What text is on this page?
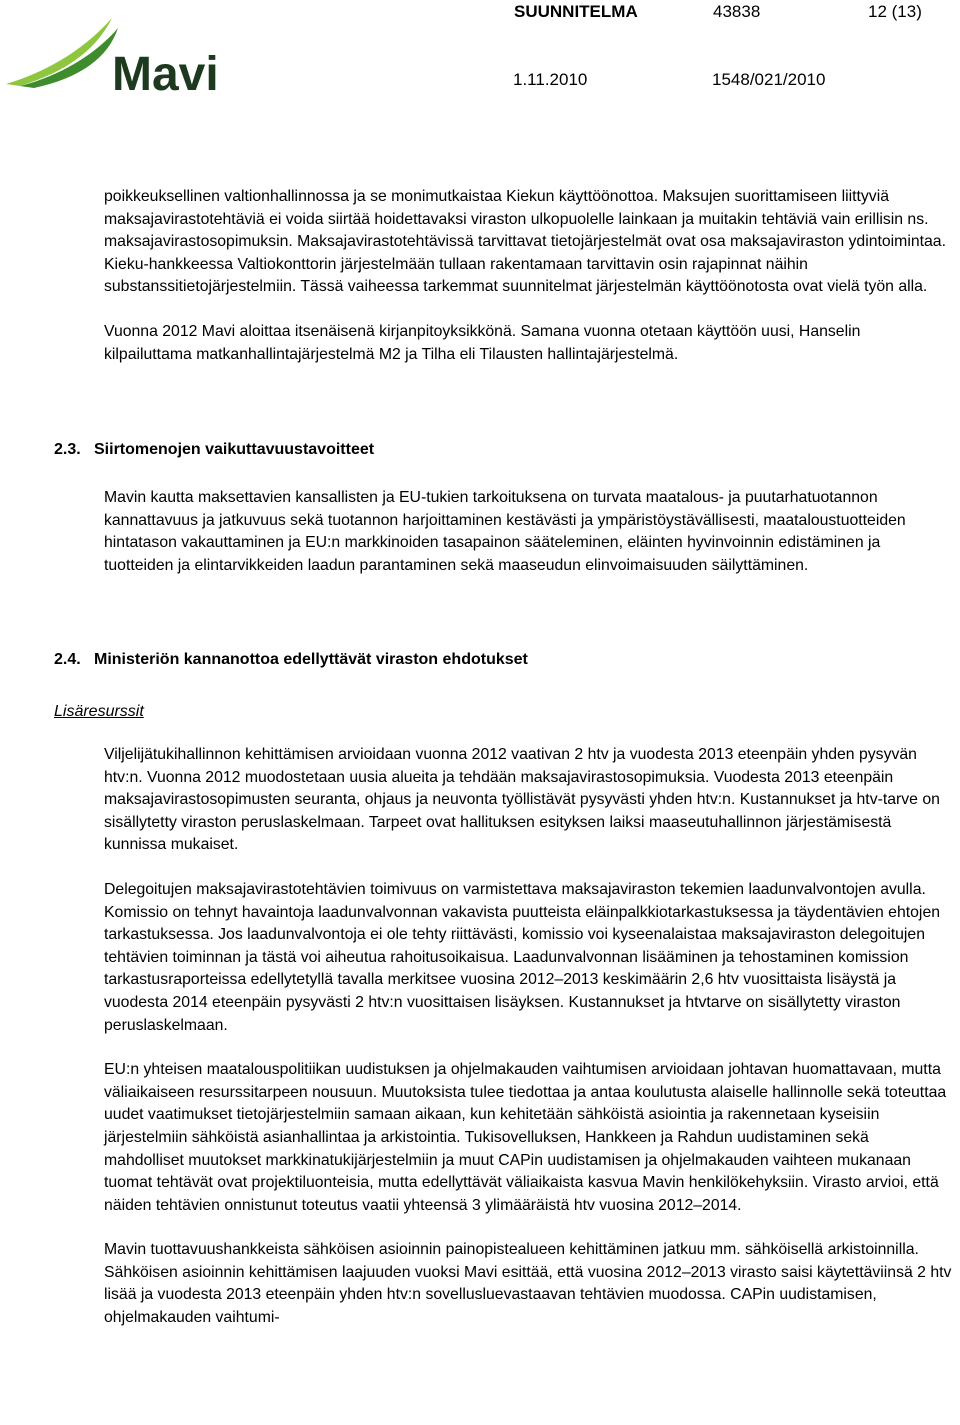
Mavi
SUUNNITELMA	43838	12 (13)
1.11.2010	1548/021/2010

poikkeuksellinen valtionhallinnossa ja se monimutkaistaa Kiekun käyttöönottoa. Maksujen suorittamiseen liittyviä maksajavirastotehtäviä ei voida siirtää hoidettavaksi viraston ulkopuolelle lainkaan ja muitakin tehtäviä vain erillisin ns. maksajavirastosopimuksin. Maksajavirastotehtävissä tarvittavat tietojärjestelmät ovat osa maksajaviraston ydintoimintaa. Kieku-hankkeessa Valtiokonttorin järjestelmään tullaan rakentamaan tarvittavin osin rajapinnat näihin substanssitietojärjestelmiin. Tässä vaiheessa tarkemmat suunnitelmat järjestelmän käyttöönotosta ovat vielä työn alla.

Vuonna 2012 Mavi aloittaa itsenäisenä kirjanpitoyksikkönä. Samana vuonna otetaan käyttöön uusi, Hanselin kilpailuttama matkanhallintajärjestelmä M2 ja Tilha eli Tilausten hallintajärjestelmä.

2.3. Siirtomenojen vaikuttavuustavoitteet

Mavin kautta maksettavien kansallisten ja EU-tukien tarkoituksena on turvata maatalous- ja puutarhatuotannon kannattavuus ja jatkuvuus sekä tuotannon harjoittaminen kestävästi ja ympäristöystävällisesti, maataloustuotteiden hintatason vakauttaminen ja EU:n markkinoiden tasapainon sääteleminen, eläinten hyvinvoinnin edistäminen ja tuotteiden ja elintarvikkeiden laadun parantaminen sekä maaseudun elinvoimaisuuden säilyttäminen.

2.4. Ministeriön kannanottoa edellyttävät viraston ehdotukset
Lisäresurssit

Viljelijätukihallinnon kehittämisen arvioidaan vuonna 2012 vaativan 2 htv ja vuodesta 2013 eteenpäin yhden pysyvän htv:n. Vuonna 2012 muodostetaan uusia alueita ja tehdään maksajavirastosopimuksia. Vuodesta 2013 eteenpäin maksajavirastosopimusten seuranta, ohjaus ja neuvonta työllistävät pysyvästi yhden htv:n. Kustannukset ja htv-tarve on sisällytetty viraston peruslaskelmaan. Tarpeet ovat hallituksen esityksen laiksi maaseutuhallinnon järjestämisestä kunnissa mukaiset.

Delegoitujen maksajavirastotehtävien toimivuus on varmistettava maksajaviraston tekemien laadunvalvontojen avulla. Komissio on tehnyt havaintoja laadunvalvonnan vakavista puutteista eläinpalkkiotarkastuksessa ja täydentävien ehtojen tarkastuksessa. Jos laadunvalvontoja ei ole tehty riittävästi, komissio voi kyseenalaistaa maksajaviraston delegoitujen tehtävien toiminnan ja tästä voi aiheutua rahoitusoikaisua. Laadunvalvonnan lisääminen ja tehostaminen komission tarkastusraporteissa edellytetyllä tavalla merkitsee vuosina 2012–2013 keskimäärin 2,6 htv vuosittaista lisäystä ja vuodesta 2014 eteenpäin pysyvästi 2 htv:n vuosittaisen lisäyksen. Kustannukset ja htvtarve on sisällytetty viraston peruslaskelmaan.

EU:n yhteisen maatalouspolitiikan uudistuksen ja ohjelmakauden vaihtumisen arvioidaan johtavan huomattavaan, mutta väliaikaiseen resurssitarpeen nousuun. Muutoksista tulee tiedottaa ja antaa koulutusta alaiselle hallinnolle sekä toteuttaa uudet vaatimukset tietojärjestelmiin samaan aikaan, kun kehitetään sähköistä asiointia ja rakennetaan kyseisiin järjestelmiin sähköistä asianhallintaa ja arkistointia. Tukisovelluksen, Hankkeen ja Rahdun uudistaminen sekä mahdolliset muutokset markkinatukijärjestelmiin ja muut CAPin uudistamisen ja ohjelmakauden vaihteen mukanaan tuomat tehtävät ovat projektiluonteisia, mutta edellyttävät väliaikaista kasvua Mavin henkilökehyksiin. Virasto arvioi, että näiden tehtävien onnistunut toteutus vaatii yhteensä 3 ylimääräistä htv vuosina 2012–2014.

Mavin tuottavuushankkeista sähköisen asioinnin painopistealueen kehittäminen jatkuu mm. sähköisellä arkistoinnilla. Sähköisen asioinnin kehittämisen laajuuden vuoksi Mavi esittää, että vuosina 2012–2013 virasto saisi käytettäviinsä 2 htv lisää ja vuodesta 2013 eteenpäin yhden htv:n sovellusluevastaavan tehtävien muodossa. CAPin uudistamisen, ohjelmakauden vaihtumi-
